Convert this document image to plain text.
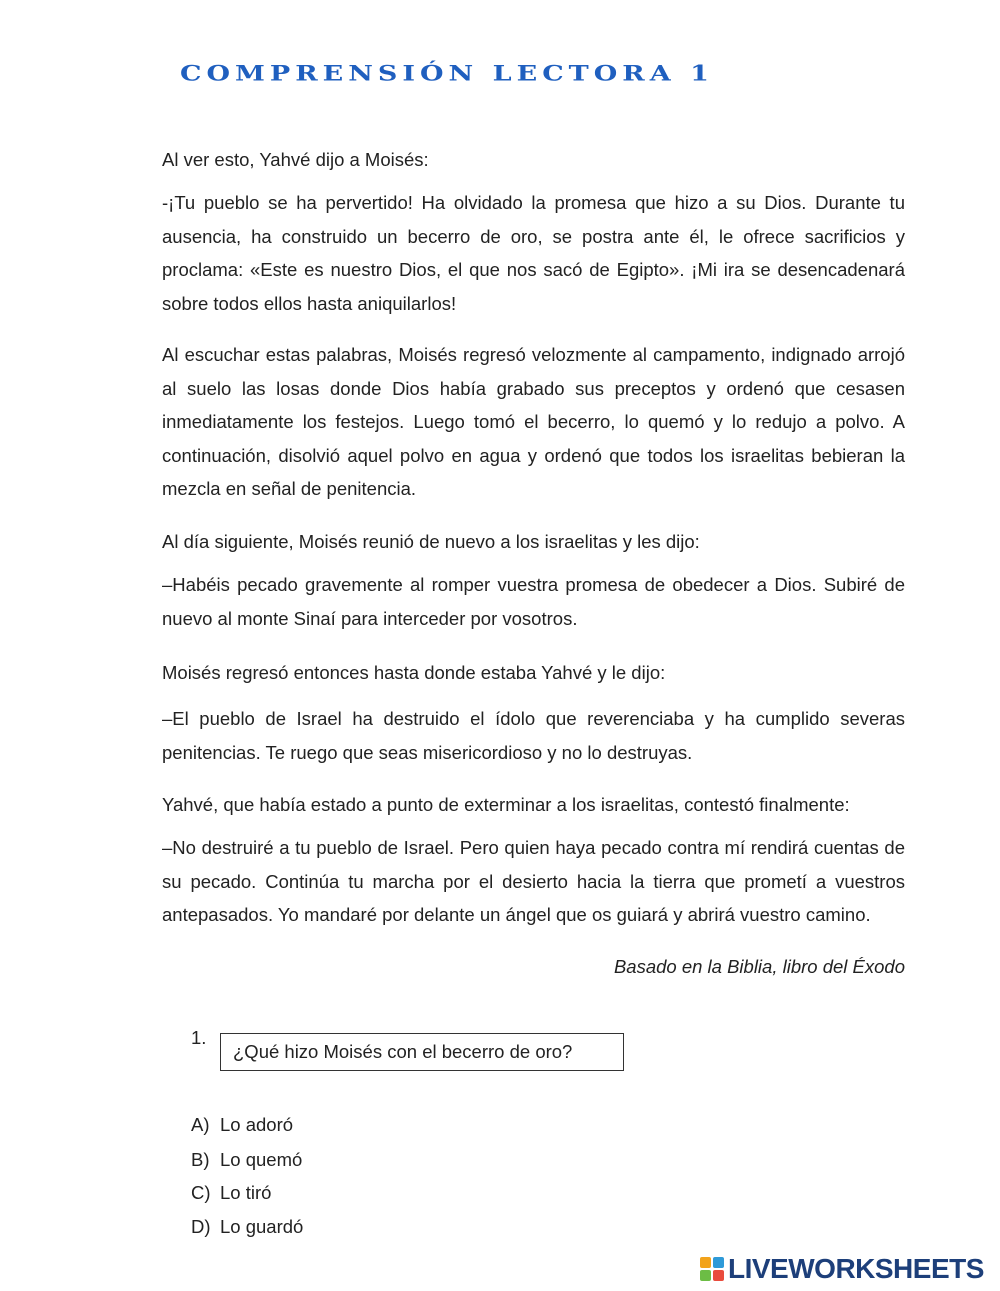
COMPRENSIÓN LECTORA 1

Al ver esto, Yahvé dijo a Moisés:

-¡Tu pueblo se ha pervertido! Ha olvidado la promesa que hizo a su Dios. Durante tu ausencia, ha construido un becerro de oro, se postra ante él, le ofrece sacrificios y proclama: «Este es nuestro Dios, el que nos sacó de Egipto». ¡Mi ira se desencadenará sobre todos ellos hasta aniquilarlos!

Al escuchar estas palabras, Moisés regresó velozmente al campamento, indignado arrojó al suelo las losas donde Dios había grabado sus preceptos y ordenó que cesasen inmediatamente los festejos. Luego tomó el becerro, lo quemó y lo redujo a polvo. A continuación, disolvió aquel polvo en agua y ordenó que todos los israelitas bebieran la mezcla en señal de penitencia.

Al día siguiente, Moisés reunió de nuevo a los israelitas y les dijo:

–Habéis pecado gravemente al romper vuestra promesa de obedecer a Dios. Subiré de nuevo al monte Sinaí para interceder por vosotros.

Moisés regresó entonces hasta donde estaba Yahvé y le dijo:

–El pueblo de Israel ha destruido el ídolo que reverenciaba y ha cumplido severas penitencias. Te ruego que seas misericordioso y no lo destruyas.

Yahvé, que había estado a punto de exterminar a los israelitas, contestó finalmente:

–No destruiré a tu pueblo de Israel. Pero quien haya pecado contra mí rendirá cuentas de su pecado. Continúa tu marcha por el desierto hacia la tierra que prometí a vuestros antepasados. Yo mandaré por delante un ángel que os guiará y abrirá vuestro camino.

Basado en la Biblia, libro del Éxodo
1.
¿Qué hizo Moisés con el becerro de oro?
A) Lo adoró
B) Lo quemó
C) Lo tiró
D) Lo guardó
LIVEWORKSHEETS
